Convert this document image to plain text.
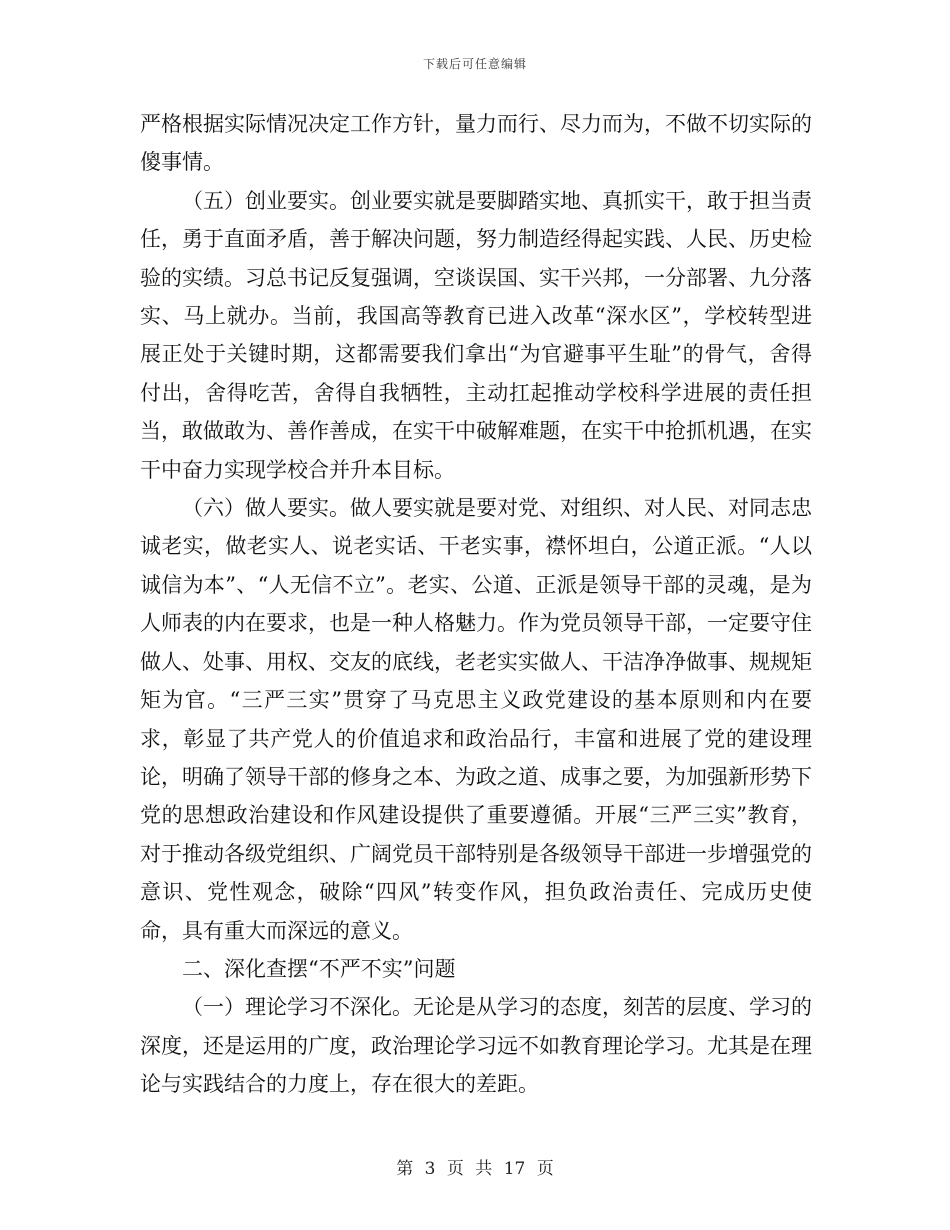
下载后可任意编辑

严格根据实际情况决定工作方针，量力而行、尽力而为，不做不切实际的傻事情。

（五）创业要实。创业要实就是要脚踏实地、真抓实干，敢于担当责任，勇于直面矛盾，善于解决问题，努力制造经得起实践、人民、历史检验的实绩。习总书记反复强调，空谈误国、实干兴邦，一分部署、九分落实、马上就办。当前，我国高等教育已进入改革“深水区”，学校转型进展正处于关键时期，这都需要我们拿出“为官避事平生耻”的骨气，舍得付出，舍得吃苦，舍得自我牺牲，主动扛起推动学校科学进展的责任担当，敢做敢为、善作善成，在实干中破解难题，在实干中抢抓机遇，在实干中奋力实现学校合并升本目标。

（六）做人要实。做人要实就是要对党、对组织、对人民、对同志忠诚老实，做老实人、说老实话、干老实事，襟怀坦白，公道正派。“人以诚信为本”、“人无信不立”。老实、公道、正派是领导干部的灵魂，是为人师表的内在要求，也是一种人格魅力。作为党员领导干部，一定要守住做人、处事、用权、交友的底线，老老实实做人、干洁净净做事、规规矩矩为官。“三严三实”贯穿了马克思主义政党建设的基本原则和内在要求，彰显了共产党人的价值追求和政治品行，丰富和进展了党的建设理论，明确了领导干部的修身之本、为政之道、成事之要，为加强新形势下党的思想政治建设和作风建设提供了重要遵循。开展“三严三实”教育，对于推动各级党组织、广阔党员干部特别是各级领导干部进一步增强党的意识、党性观念，破除“四风”转变作风，担负政治责任、完成历史使命，具有重大而深远的意义。

二、深化查摆“不严不实”问题

（一）理论学习不深化。无论是从学习的态度，刻苦的层度、学习的深度，还是运用的广度，政治理论学习远不如教育理论学习。尤其是在理论与实践结合的力度上，存在很大的差距。

第 3 页 共 17 页
